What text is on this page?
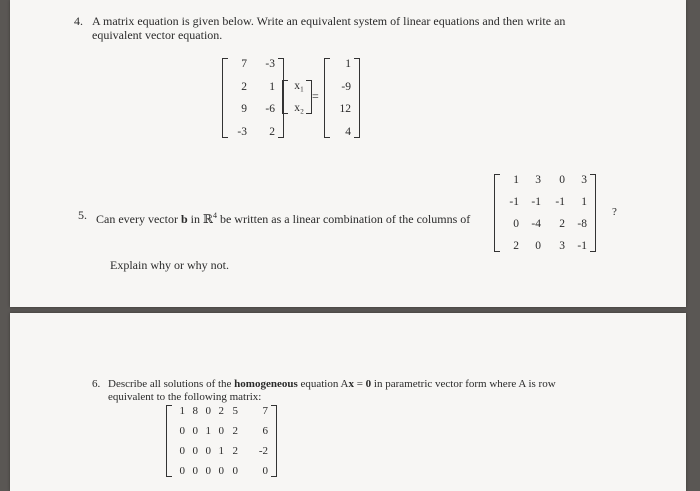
4. A matrix equation is given below. Write an equivalent system of linear equations and then write an
equivalent vector equation.
7	-3
2	1
9	-6
-3	2
x₁
x₂
=
1
-9
12
4
5. Can every vector b in ℝ$^4$ be written as a linear combination of the columns of
1	3	0	3
-1	-1	-1	1
0	-4	2	-8
2	0	3	-1
?
Explain why or why not.
6. Describe all solutions of the homogeneous equation Ax = 0 in parametric vector form where A is row
equivalent to the following matrix:
1 8 0 2 5	7
0 0 1 0 2	6
0 0 0 1 2	-2
0 0 0 0 0	0
